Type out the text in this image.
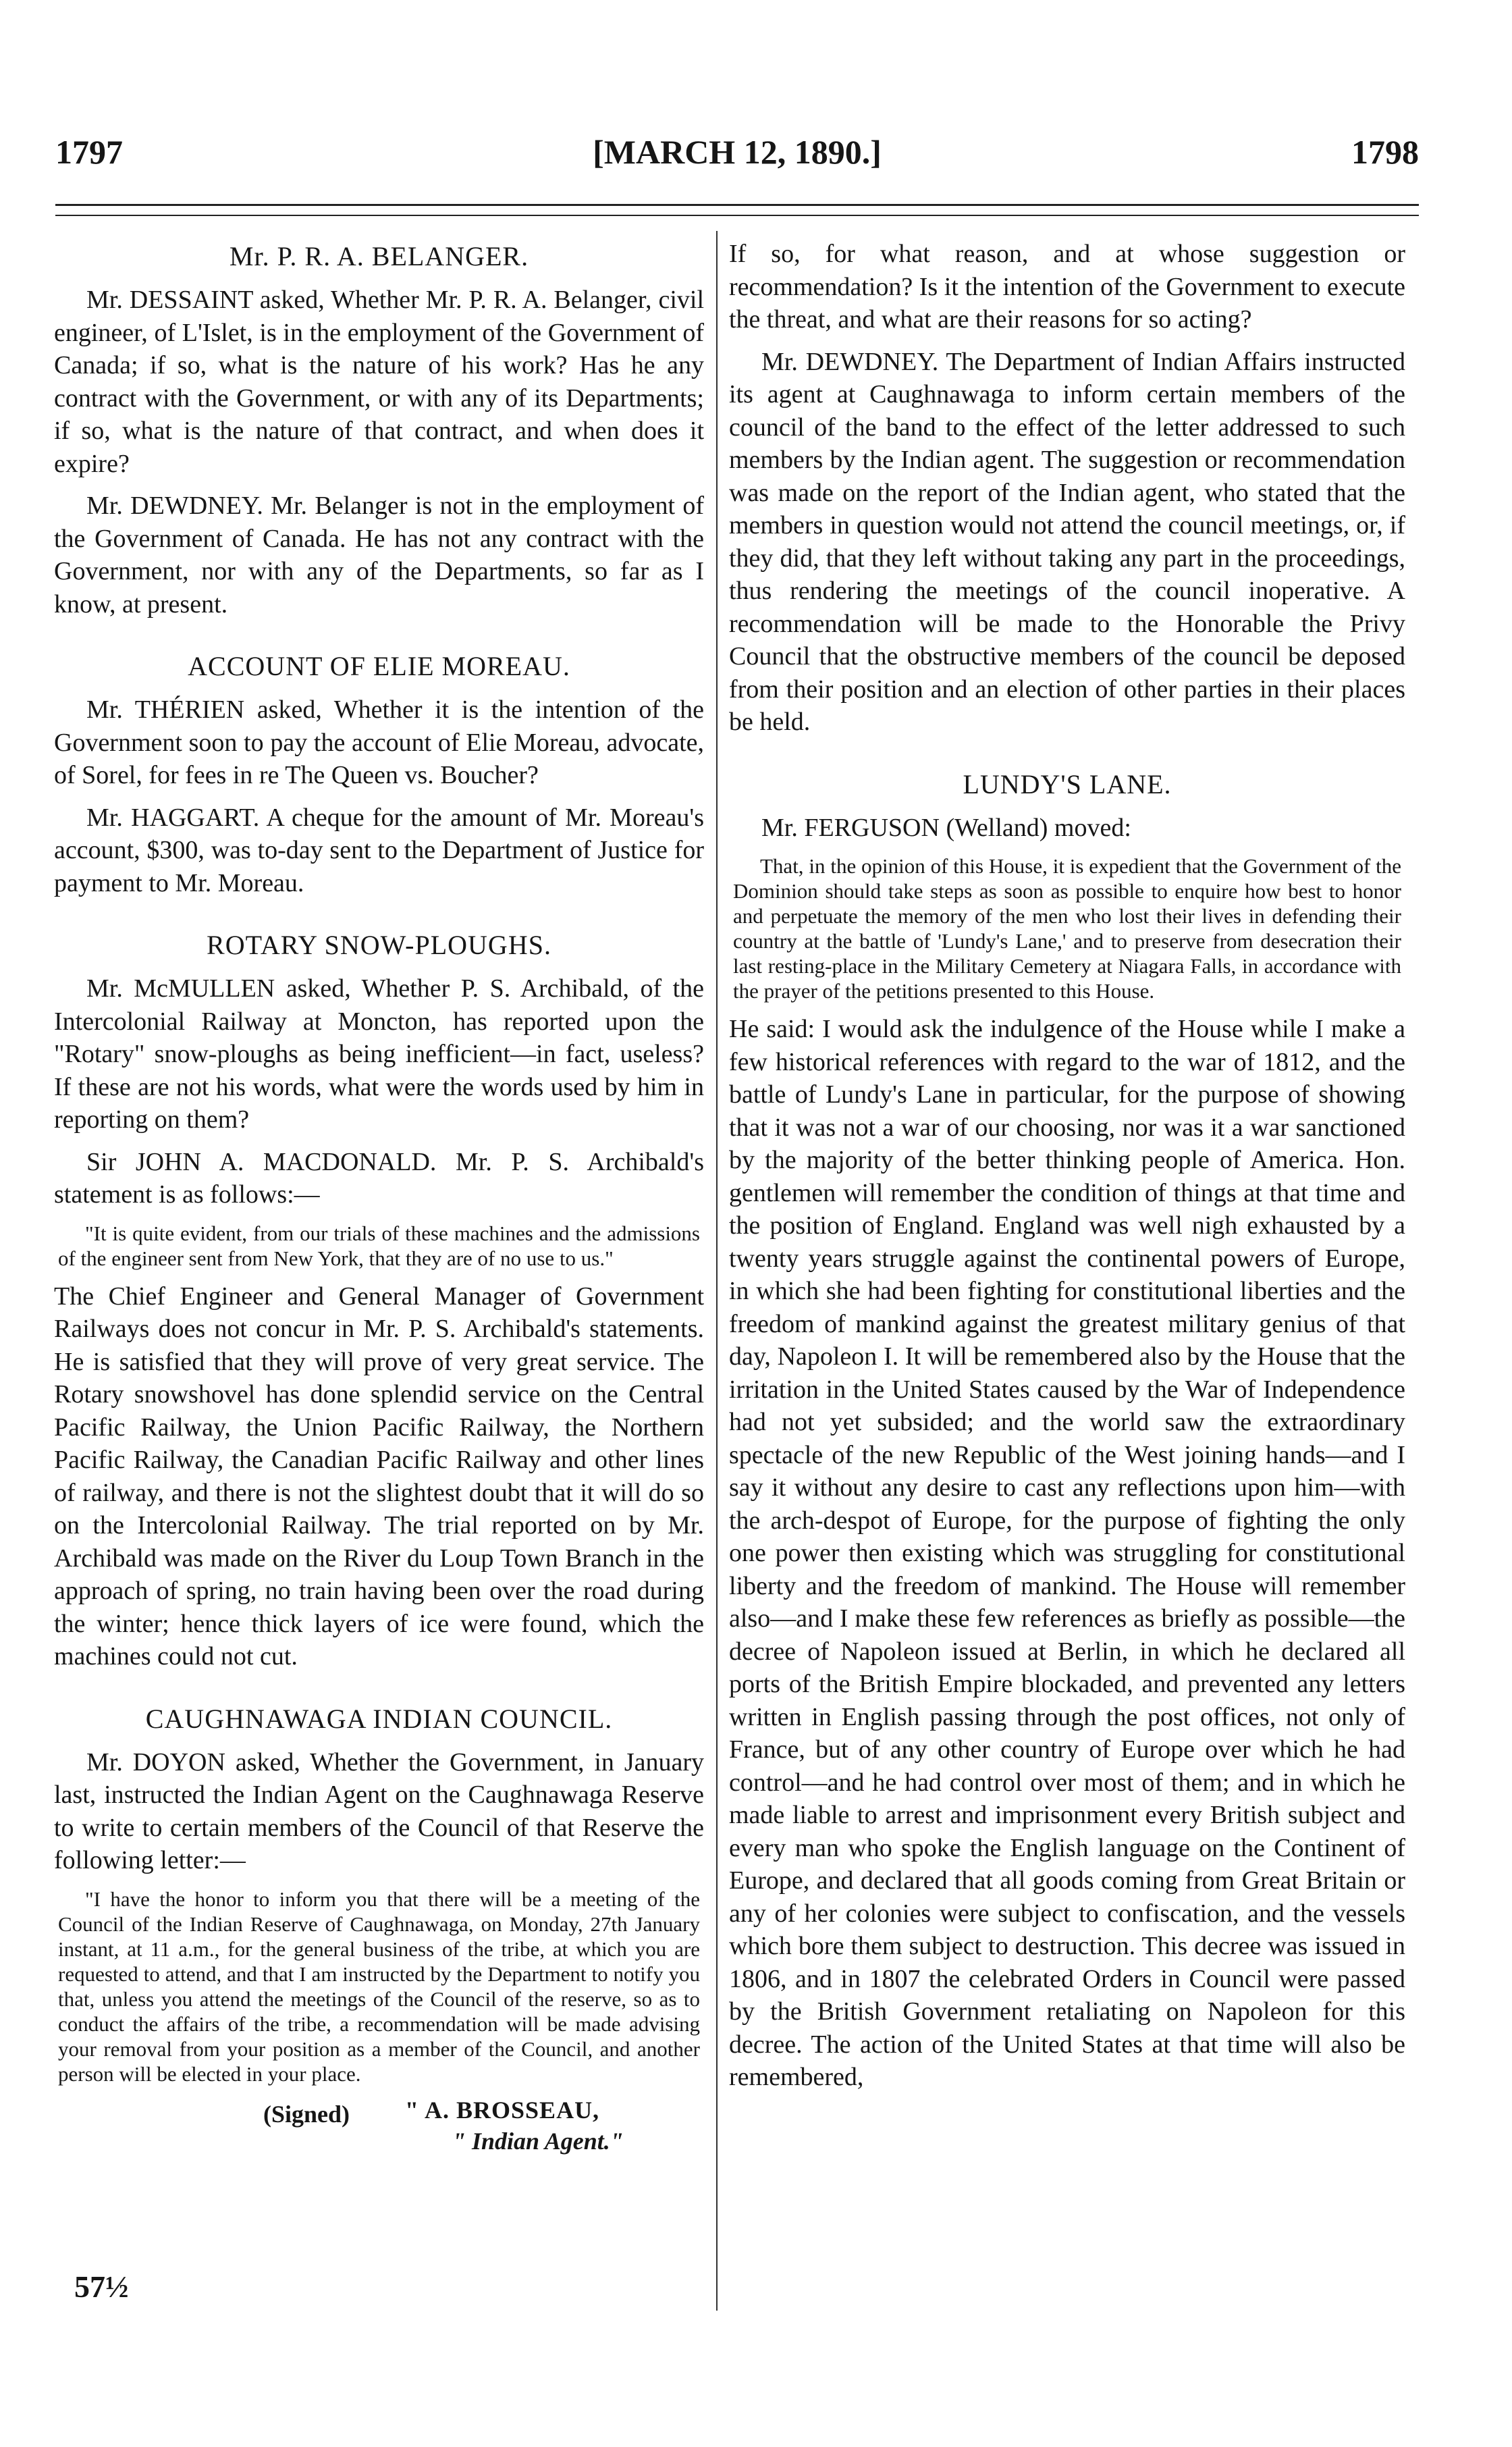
[MARCH 12, 1890.]
1797	1798
Mr. P. R. A. BELANGER.

Mr. DESSAINT asked, Whether Mr. P. R. A. Belanger, civil engineer, of L'Islet, is in the employment of the Government of Canada; if so, what is the nature of his work? Has he any contract with the Government, or with any of its Departments; if so, what is the nature of that contract, and when does it expire?

Mr. DEWDNEY. Mr. Belanger is not in the employment of the Government of Canada. He has not any contract with the Government, nor with any of the Departments, so far as I know, at present.

ACCOUNT OF ELIE MOREAU.

Mr. THÉRIEN asked, Whether it is the intention of the Government soon to pay the account of Elie Moreau, advocate, of Sorel, for fees in re The Queen vs. Boucher?

Mr. HAGGART. A cheque for the amount of Mr. Moreau's account, $300, was to-day sent to the Department of Justice for payment to Mr. Moreau.

ROTARY SNOW-PLOUGHS.

Mr. McMULLEN asked, Whether P. S. Archibald, of the Intercolonial Railway at Moncton, has reported upon the "Rotary" snow-ploughs as being inefficient—in fact, useless? If these are not his words, what were the words used by him in reporting on them?

Sir JOHN A. MACDONALD. Mr. P. S. Archibald's statement is as follows:—

"It is quite evident, from our trials of these machines and the admissions of the engineer sent from New York, that they are of no use to us."

The Chief Engineer and General Manager of Government Railways does not concur in Mr. P. S. Archibald's statements. He is satisfied that they will prove of very great service. The Rotary snowshovel has done splendid service on the Central Pacific Railway, the Union Pacific Railway, the Northern Pacific Railway, the Canadian Pacific Railway and other lines of railway, and there is not the slightest doubt that it will do so on the Intercolonial Railway. The trial reported on by Mr. Archibald was made on the River du Loup Town Branch in the approach of spring, no train having been over the road during the winter; hence thick layers of ice were found, which the machines could not cut.

CAUGHNAWAGA INDIAN COUNCIL.

Mr. DOYON asked, Whether the Government, in January last, instructed the Indian Agent on the Caughnawaga Reserve to write to certain members of the Council of that Reserve the following letter:—

"I have the honor to inform you that there will be a meeting of the Council of the Indian Reserve of Caughnawaga, on Monday, 27th January instant, at 11 a.m., for the general business of the tribe, at which you are requested to attend, and that I am instructed by the Department to notify you that, unless you attend the meetings of the Council of the reserve, so as to conduct the affairs of the tribe, a recommendation will be made advising your removal from your position as a member of the Council, and another person will be elected in your place.

(Signed) " A. BROSSEAU,
" Indian Agent."

If so, for what reason, and at whose suggestion or recommendation? Is it the intention of the Government to execute the threat, and what are their reasons for so acting?

Mr. DEWDNEY. The Department of Indian Affairs instructed its agent at Caughnawaga to inform certain members of the council of the band to the effect of the letter addressed to such members by the Indian agent. The suggestion or recommendation was made on the report of the Indian agent, who stated that the members in question would not attend the council meetings, or, if they did, that they left without taking any part in the proceedings, thus rendering the meetings of the council inoperative. A recommendation will be made to the Honorable the Privy Council that the obstructive members of the council be deposed from their position and an election of other parties in their places be held.

LUNDY'S LANE.

Mr. FERGUSON (Welland) moved:

That, in the opinion of this House, it is expedient that the Government of the Dominion should take steps as soon as possible to enquire how best to honor and perpetuate the memory of the men who lost their lives in defending their country at the battle of 'Lundy's Lane,' and to preserve from desecration their last resting-place in the Military Cemetery at Niagara Falls, in accordance with the prayer of the petitions presented to this House.

He said: I would ask the indulgence of the House while I make a few historical references with regard to the war of 1812, and the battle of Lundy's Lane in particular, for the purpose of showing that it was not a war of our choosing, nor was it a war sanctioned by the majority of the better thinking people of America. Hon. gentlemen will remember the condition of things at that time and the position of England. England was well nigh exhausted by a twenty years struggle against the continental powers of Europe, in which she had been fighting for constitutional liberties and the freedom of mankind against the greatest military genius of that day, Napoleon I. It will be remembered also by the House that the irritation in the United States caused by the War of Independence had not yet subsided; and the world saw the extraordinary spectacle of the new Republic of the West joining hands—and I say it without any desire to cast any reflections upon him—with the arch-despot of Europe, for the purpose of fighting the only one power then existing which was struggling for constitutional liberty and the freedom of mankind. The House will remember also—and I make these few references as briefly as possible—the decree of Napoleon issued at Berlin, in which he declared all ports of the British Empire blockaded, and prevented any letters written in English passing through the post offices, not only of France, but of any other country of Europe over which he had control—and he had control over most of them; and in which he made liable to arrest and imprisonment every British subject and every man who spoke the English language on the Continent of Europe, and declared that all goods coming from Great Britain or any of her colonies were subject to confiscation, and the vessels which bore them subject to destruction. This decree was issued in 1806, and in 1807 the celebrated Orders in Council were passed by the British Government retaliating on Napoleon for this decree. The action of the United States at that time will also be remembered,

57½
